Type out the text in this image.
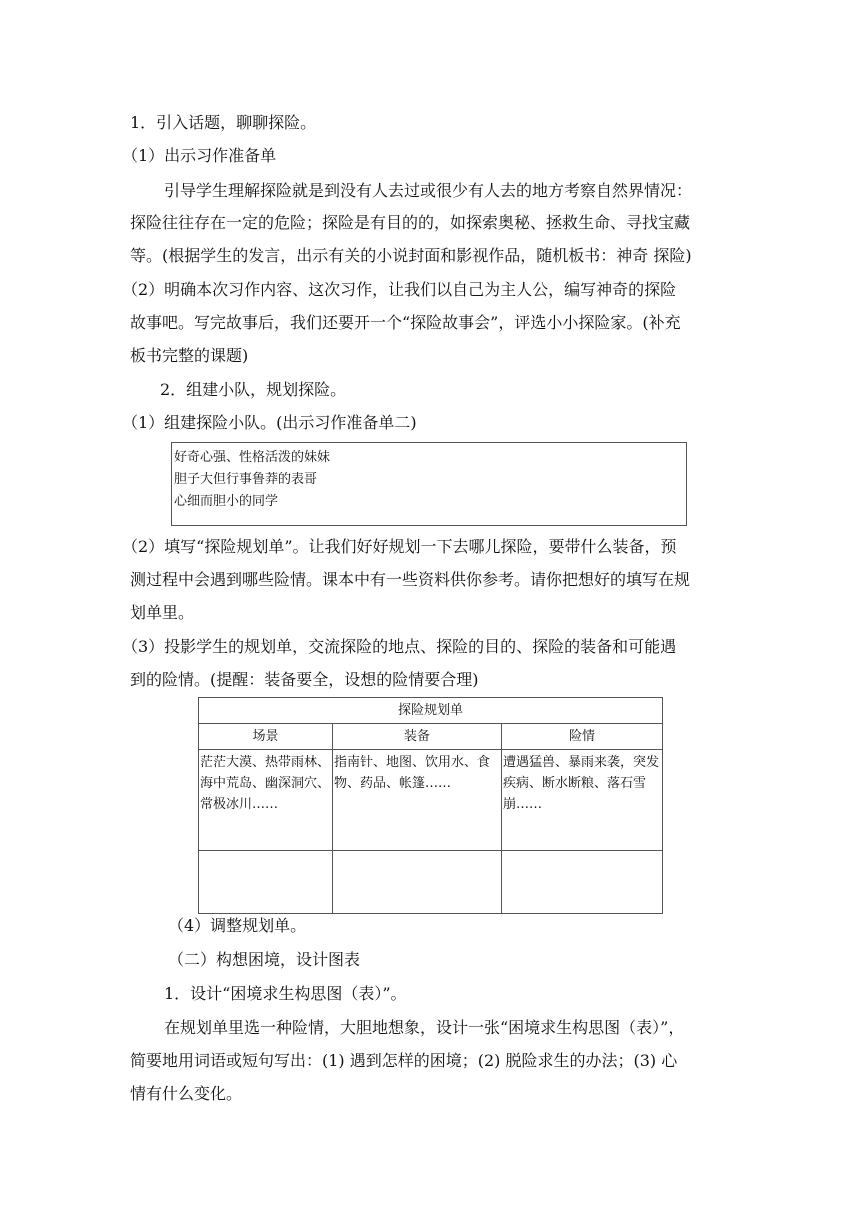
1．引入话题，聊聊探险。
（1）出示习作准备单
引导学生理解探险就是到没有人去过或很少有人去的地方考察自然界情况：
探险往往存在一定的危险；探险是有目的的，如探索奥秘、拯救生命、寻找宝藏
等。(根据学生的发言，出示有关的小说封面和影视作品，随机板书：神奇 探险)
（2）明确本次习作内容、这次习作，让我们以自己为主人公，编写神奇的探险
故事吧。写完故事后，我们还要开一个“探险故事会”，评选小小探险家。(补充
板书完整的课题)
2．组建小队，规划探险。
（1）组建探险小队。(出示习作准备单二)
好奇心强、性格活泼的妹妹
胆子大但行事鲁莽的表哥
心细而胆小的同学
（2）填写“探险规划单”。让我们好好规划一下去哪儿探险，要带什么装备，预
测过程中会遇到哪些险情。课本中有一些资料供你参考。请你把想好的填写在规
划单里。
（3）投影学生的规划单，交流探险的地点、探险的目的、探险的装备和可能遇
到的险情。(提醒：装备要全，设想的险情要合理)
探险规划单		
场景	装备	险情
茫茫大漠、热带雨林、海中荒岛、幽深洞穴、常极冰川……	指南针、地图、饮用水、食物、药品、帐篷……	遭遇猛兽、暴雨来袭，突发疾病、断水断粮、落石雪崩……

（4）调整规划单。
（二）构想困境，设计图表
1．设计“困境求生构思图（表）”。
在规划单里选一种险情，大胆地想象，设计一张“困境求生构思图（表）”，
简要地用词语或短句写出：(1) 遇到怎样的困境；(2) 脱险求生的办法；(3) 心
情有什么变化。
